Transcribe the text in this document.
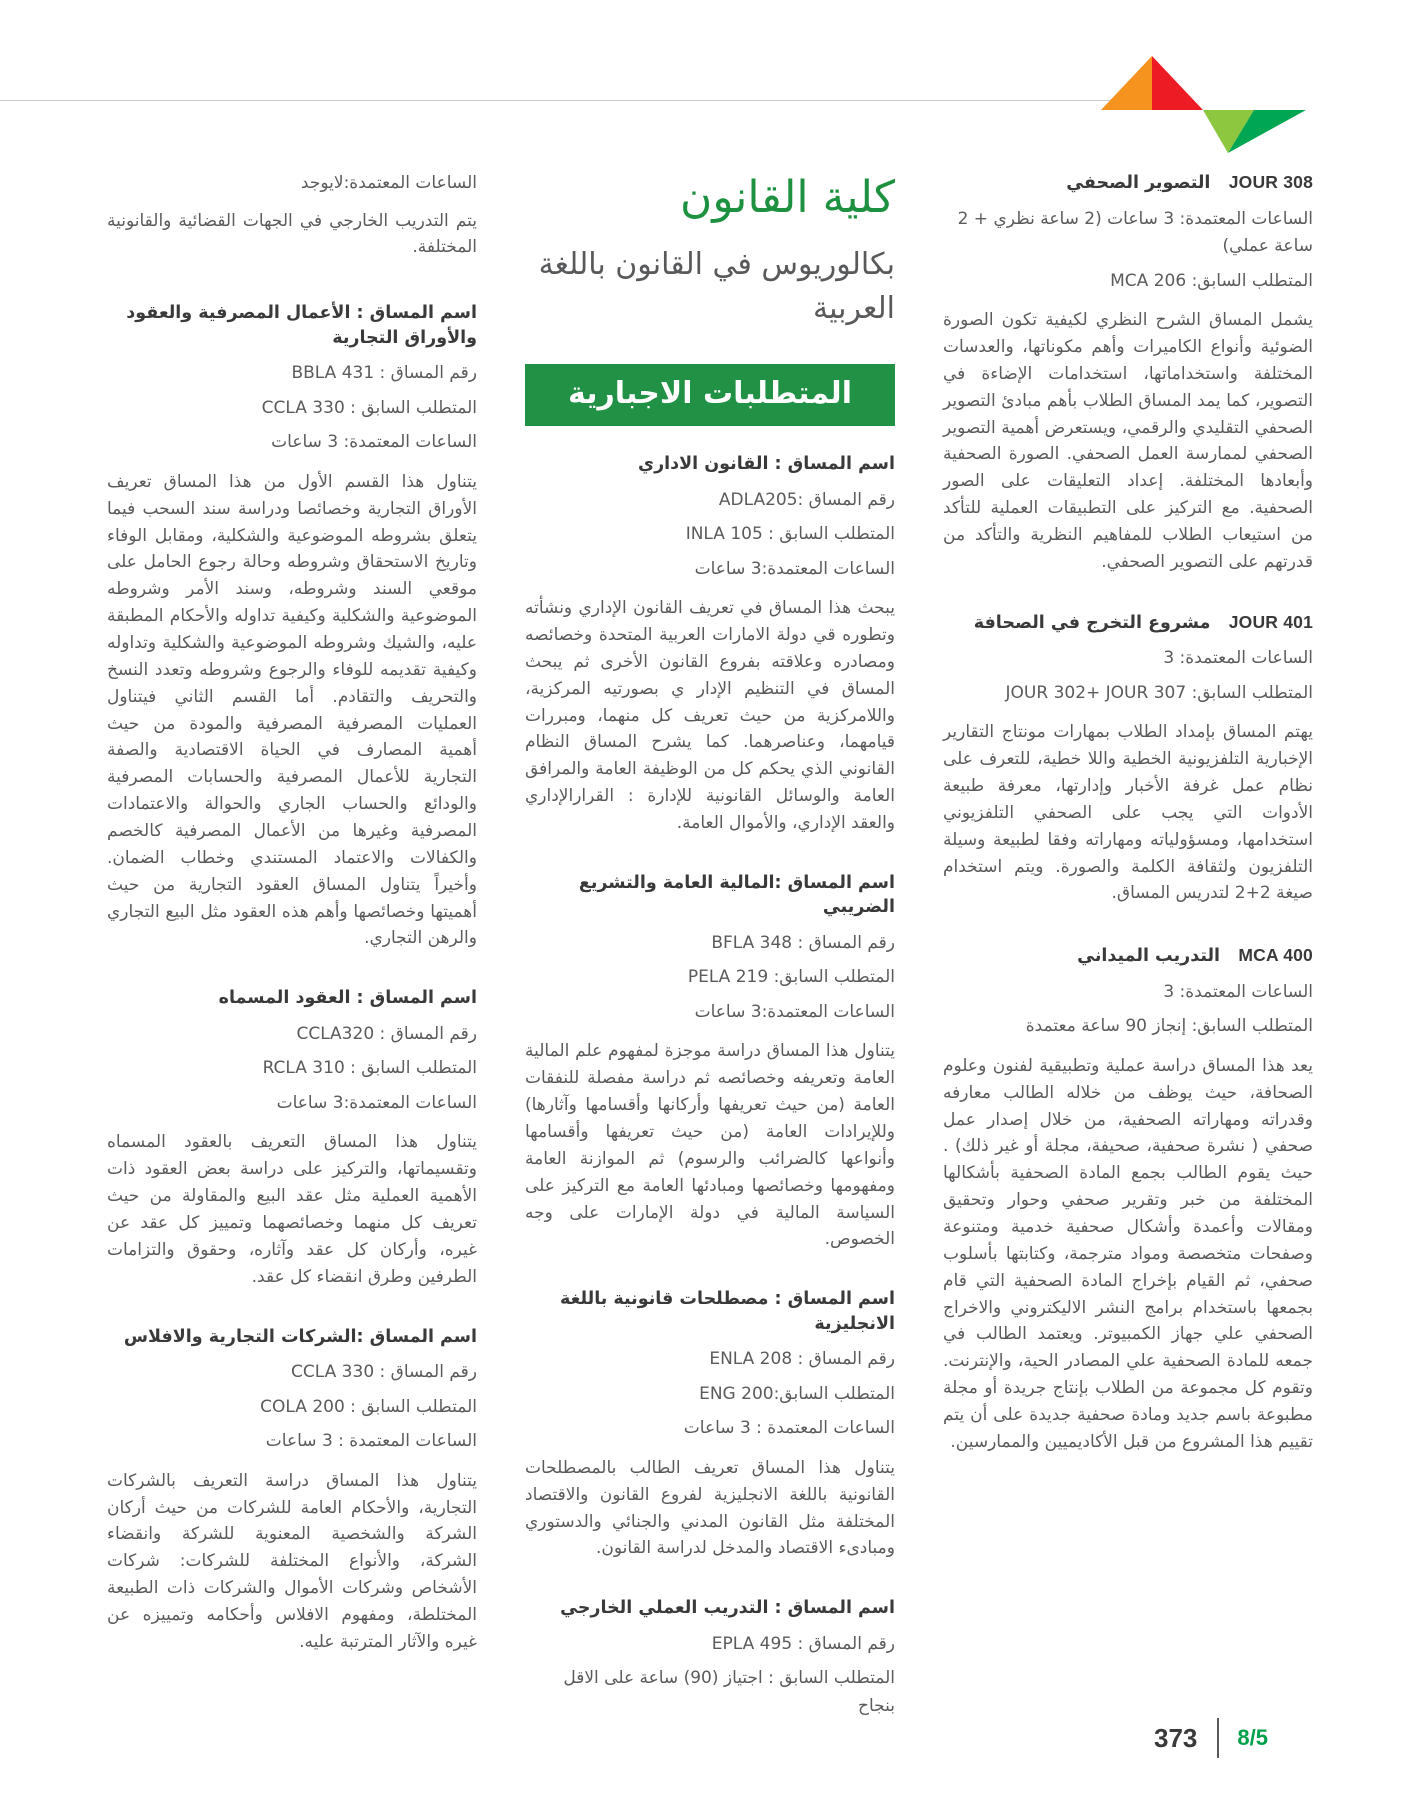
JOUR 308   التصوير الصحفي
الساعات المعتمدة: 3 ساعات (2 ساعة نظري + 2 ساعة عملي)
المتطلب السابق: MCA 206
يشمل المساق الشرح النظري لكيفية تكون الصورة الضوئية وأنواع الكاميرات وأهم مكوناتها، والعدسات المختلفة واستخداماتها، استخدامات الإضاءة في التصوير، كما يمد المساق الطلاب بأهم مبادئ التصوير الصحفي التقليدي والرقمي، ويستعرض أهمية التصوير الصحفي لممارسة العمل الصحفي. الصورة الصحفية وأبعادها المختلفة. إعداد التعليقات على الصور الصحفية. مع التركيز على التطبيقات العملية للتأكد من استيعاب الطلاب للمفاهيم النظرية والتأكد من قدرتهم على التصوير الصحفي.
JOUR 401   مشروع التخرج في الصحافة
الساعات المعتمدة: 3
المتطلب السابق: JOUR 302+ JOUR 307
يهتم المساق بإمداد الطلاب بمهارات مونتاج التقارير الإخبارية التلفزيونية الخطية واللا خطية، للتعرف على نظام عمل غرفة الأخبار وإدارتها، معرفة طبيعة الأدوات التي يجب على الصحفي التلفزيوني استخدامها، ومسؤولياته ومهاراته وفقا لطبيعة وسيلة التلفزيون ولثقافة الكلمة والصورة. ويتم استخدام صيغة 2+2 لتدريس المساق.
MCA 400   التدريب الميداني
الساعات المعتمدة: 3
المتطلب السابق: إنجاز 90 ساعة معتمدة
يعد هذا المساق دراسة عملية وتطبيقية لفنون وعلوم الصحافة، حيث يوظف من خلاله الطالب معارفه وقدراته ومهاراته الصحفية، من خلال إصدار عمل صحفي ( نشرة صحفية، صحيفة، مجلة أو غير ذلك) . حيث يقوم الطالب بجمع المادة الصحفية بأشكالها المختلفة من خبر وتقرير صحفي وحوار وتحقيق ومقالات وأعمدة وأشكال صحفية خدمية ومتنوعة وصفحات متخصصة ومواد مترجمة، وكتابتها بأسلوب صحفي، ثم القيام بإخراج المادة الصحفية التي قام بجمعها باستخدام برامج النشر الاليكتروني والاخراج الصحفي علي جهاز الكمبيوتر. ويعتمد الطالب في جمعه للمادة الصحفية علي المصادر الحية، والإنترنت. وتقوم كل مجموعة من الطلاب بإنتاج جريدة أو مجلة مطبوعة باسم جديد ومادة صحفية جديدة على أن يتم تقييم هذا المشروع من قبل الأكاديميين والممارسين.
كلية القانون
بكالوريوس في القانون باللغة العربية
المتطلبات الاجبارية
اسم المساق : القانون الاداري
رقم المساق :ADLA205
المتطلب السابق : INLA 105
الساعات المعتمدة:3 ساعات
يبحث هذا المساق في تعريف القانون الإداري ونشأته وتطوره قي دولة الامارات العربية المتحدة وخصائصه ومصادره وعلاقته بفروع القانون الأخرى ثم يبحث المساق في التنظيم الإدار ي بصورتيه المركزية، واللامركزية من حيث تعريف كل منهما، ومبررات قيامهما، وعناصرهما. كما يشرح المساق النظام القانوني الذي يحكم كل من الوظيفة العامة والمرافق العامة والوسائل القانونية للإدارة : القرارالإداري والعقد الإداري، والأموال العامة.
اسم المساق :المالية العامة والتشريع الضريبي
رقم المساق : BFLA 348
المتطلب السابق: PELA 219
الساعات المعتمدة:3 ساعات
يتناول هذا المساق دراسة موجزة لمفهوم علم المالية العامة وتعريفه وخصائصه ثم دراسة مفصلة للنفقات العامة (من حيث تعريفها وأركانها وأقسامها وآثارها) وللإيرادات العامة (من حيث تعريفها وأقسامها وأنواعها كالضرائب والرسوم) ثم الموازنة العامة ومفهومها وخصائصها ومبادئها العامة مع التركيز على السياسة المالية في دولة الإمارات على وجه الخصوص.
اسم المساق : مصطلحات قانونية باللغة الانجليزية
رقم المساق : ENLA 208
المتطلب السابق:ENG 200
الساعات المعتمدة : 3 ساعات
يتناول هذا المساق تعريف الطالب بالمصطلحات القانونية باللغة الانجليزية لفروع القانون والاقتصاد المختلفة مثل القانون المدني والجنائي والدستوري ومبادىء الاقتصاد والمدخل لدراسة القانون.
اسم المساق : التدريب العملي الخارجي
رقم المساق : EPLA 495
المتطلب السابق : اجتياز (90) ساعة على الاقل بنجاح
الساعات المعتمدة:لايوجد
يتم التدريب الخارجي في الجهات القضائية والقانونية المختلفة.
اسم المساق : الأعمال المصرفية والعقود والأوراق التجارية
رقم المساق : BBLA 431
المتطلب السابق : CCLA 330
الساعات المعتمدة: 3 ساعات
يتناول هذا القسم الأول من هذا المساق تعريف الأوراق التجارية وخصائصا ودراسة سند السحب فيما يتعلق بشروطه الموضوعية والشكلية، ومقابل الوفاء وتاريخ الاستحقاق وشروطه وحالة رجوع الحامل على موقعي السند وشروطه، وسند الأمر وشروطه الموضوعية والشكلية وكيفية تداوله والأحكام المطبقة عليه، والشيك وشروطه الموضوعية والشكلية وتداوله وكيفية تقديمه للوفاء والرجوع وشروطه وتعدد النسخ والتحريف والتقادم. أما القسم الثاني فيتناول العمليات المصرفية المصرفية والمودة من حيث أهمية المصارف في الحياة الاقتصادية والصفة التجارية للأعمال المصرفية والحسابات المصرفية والودائع والحساب الجاري والحوالة والاعتمادات المصرفية وغيرها من الأعمال المصرفية كالخصم والكفالات والاعتماد المستندي وخطاب الضمان. وأخيراً يتناول المساق العقود التجارية من حيث أهميتها وخصائصها وأهم هذه العقود مثل البيع التجاري والرهن التجاري.
اسم المساق : العقود المسماه
رقم المساق : CCLA320
المتطلب السابق : RCLA 310
الساعات المعتمدة:3 ساعات
يتناول هذا المساق التعريف بالعقود المسماه وتقسيماتها، والتركيز على دراسة بعض العقود ذات الأهمية العملية مثل عقد البيع والمقاولة من حيث تعريف كل منهما وخصائصهما وتمييز كل عقد عن غيره، وأركان كل عقد وآثاره، وحقوق والتزامات الطرفين وطرق انقضاء كل عقد.
اسم المساق :الشركات التجارية والافلاس
رقم المساق : CCLA 330
المتطلب السابق : COLA 200
الساعات المعتمدة : 3 ساعات
يتناول هذا المساق دراسة التعريف بالشركات التجارية، والأحكام العامة للشركات من حيث أركان الشركة والشخصية المعنوية للشركة وانقضاء الشركة، والأنواع المختلفة للشركات: شركات الأشخاص وشركات الأموال والشركات ذات الطبيعة المختلطة، ومفهوم الافلاس وأحكامه وتمييزه عن غيره والآثار المترتبة عليه.
8/5
373
